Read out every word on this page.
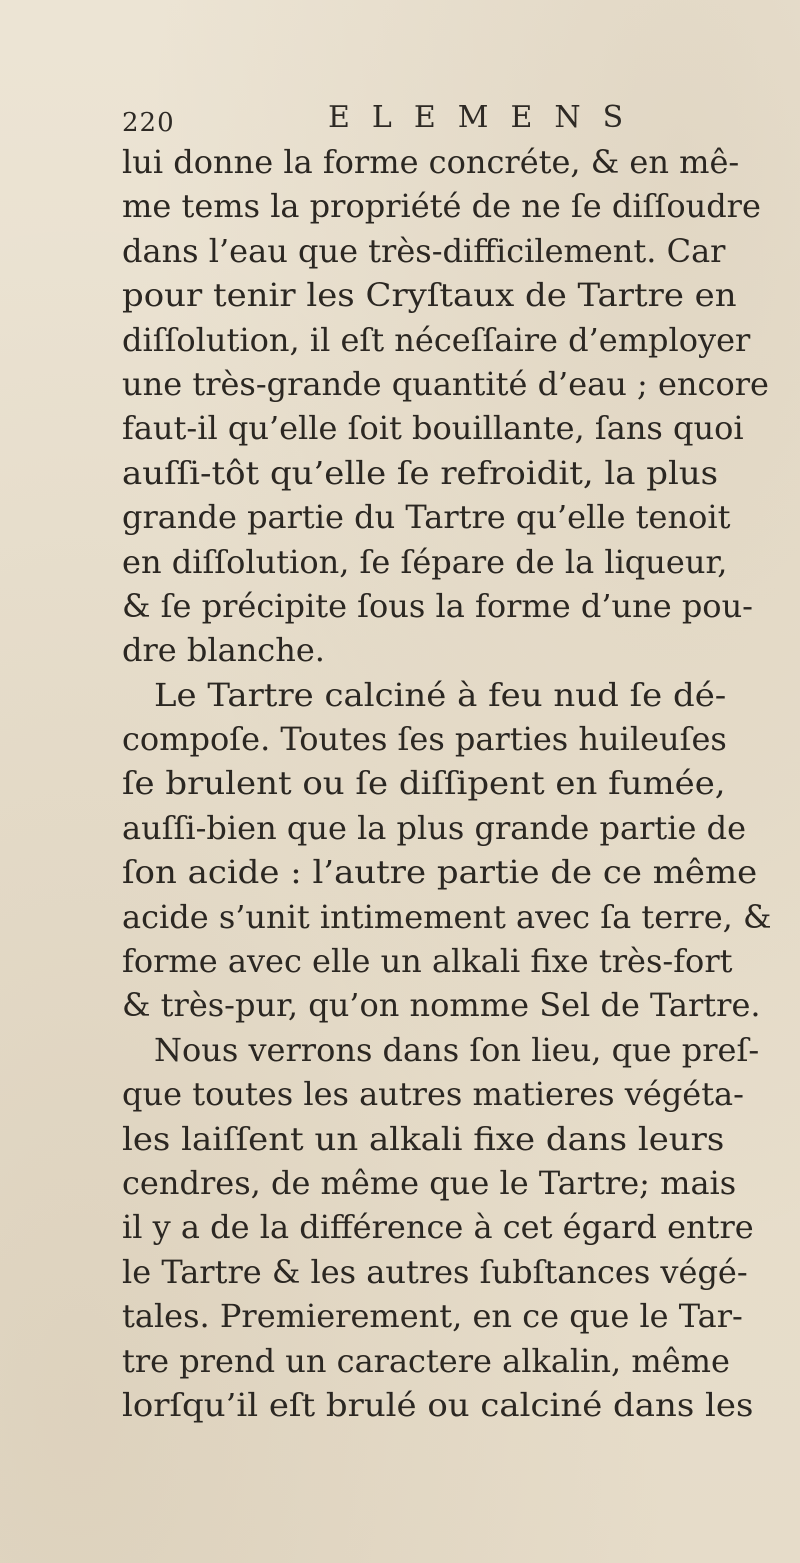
220	ELEMENS
lui donne la forme concréte, & en mê-
me tems la propriété de ne ſe diſſoudre
dans l’eau que très-difficilement. Car
pour tenir les Cryſtaux de Tartre en
diſſolution, il eſt néceſſaire d’employer
une très-grande quantité d’eau ; encore
faut-il qu’elle ſoit bouillante, ſans quoi
auſſi-tôt qu’elle ſe refroidit, la plus
grande partie du Tartre qu’elle tenoit
en diſſolution, ſe ſépare de la liqueur,
& ſe précipite ſous la forme d’une pou-
dre blanche.
Le Tartre calciné à feu nud ſe dé-
compoſe. Toutes ſes parties huileuſes
ſe brulent ou ſe diſſipent en fumée,
auſſi-bien que la plus grande partie de
ſon acide : l’autre partie de ce même
acide s’unit intimement avec ſa terre, &
forme avec elle un alkali fixe très-fort
& très-pur, qu’on nomme Sel de Tartre.
Nous verrons dans ſon lieu, que preſ-
que toutes les autres matieres végéta-
les laiſſent un alkali fixe dans leurs
cendres, de même que le Tartre; mais
il y a de la différence à cet égard entre
le Tartre & les autres ſubſtances végé-
tales. Premierement, en ce que le Tar-
tre prend un caractere alkalin, même
lorſqu’il eſt brulé ou calciné dans les
